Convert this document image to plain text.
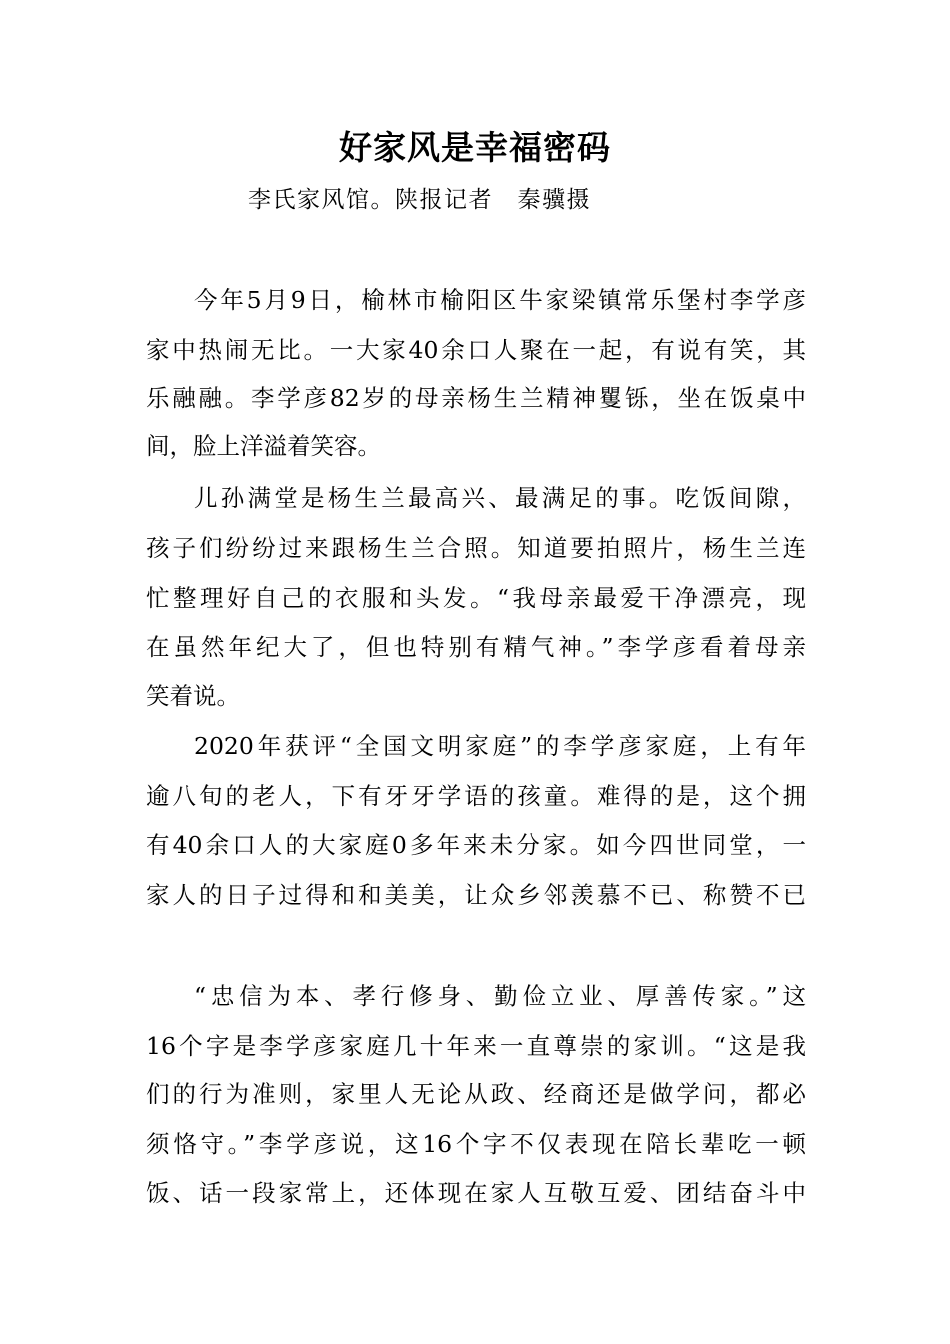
好家风是幸福密码
李氏家风馆。陕报记者　秦骥摄
今年5月9日，榆林市榆阳区牛家梁镇常乐堡村李学彦
家中热闹无比。一大家40余口人聚在一起，有说有笑，其
乐融融。李学彦82岁的母亲杨生兰精神矍铄，坐在饭桌中
间，脸上洋溢着笑容。
儿孙满堂是杨生兰最高兴、最满足的事。吃饭间隙，
孩子们纷纷过来跟杨生兰合照。知道要拍照片，杨生兰连
忙整理好自己的衣服和头发。“我母亲最爱干净漂亮，现
在虽然年纪大了，但也特别有精气神。”李学彦看着母亲
笑着说。
2020年获评“全国文明家庭”的李学彦家庭，上有年
逾八旬的老人，下有牙牙学语的孩童。难得的是，这个拥
有40余口人的大家庭0多年来未分家。如今四世同堂，一
家人的日子过得和和美美，让众乡邻羡慕不已、称赞不已
“忠信为本、孝行修身、勤俭立业、厚善传家。”这
16个字是李学彦家庭几十年来一直尊崇的家训。“这是我
们的行为准则，家里人无论从政、经商还是做学问，都必
须恪守。”李学彦说，这16个字不仅表现在陪长辈吃一顿
饭、话一段家常上，还体现在家人互敬互爱、团结奋斗中
